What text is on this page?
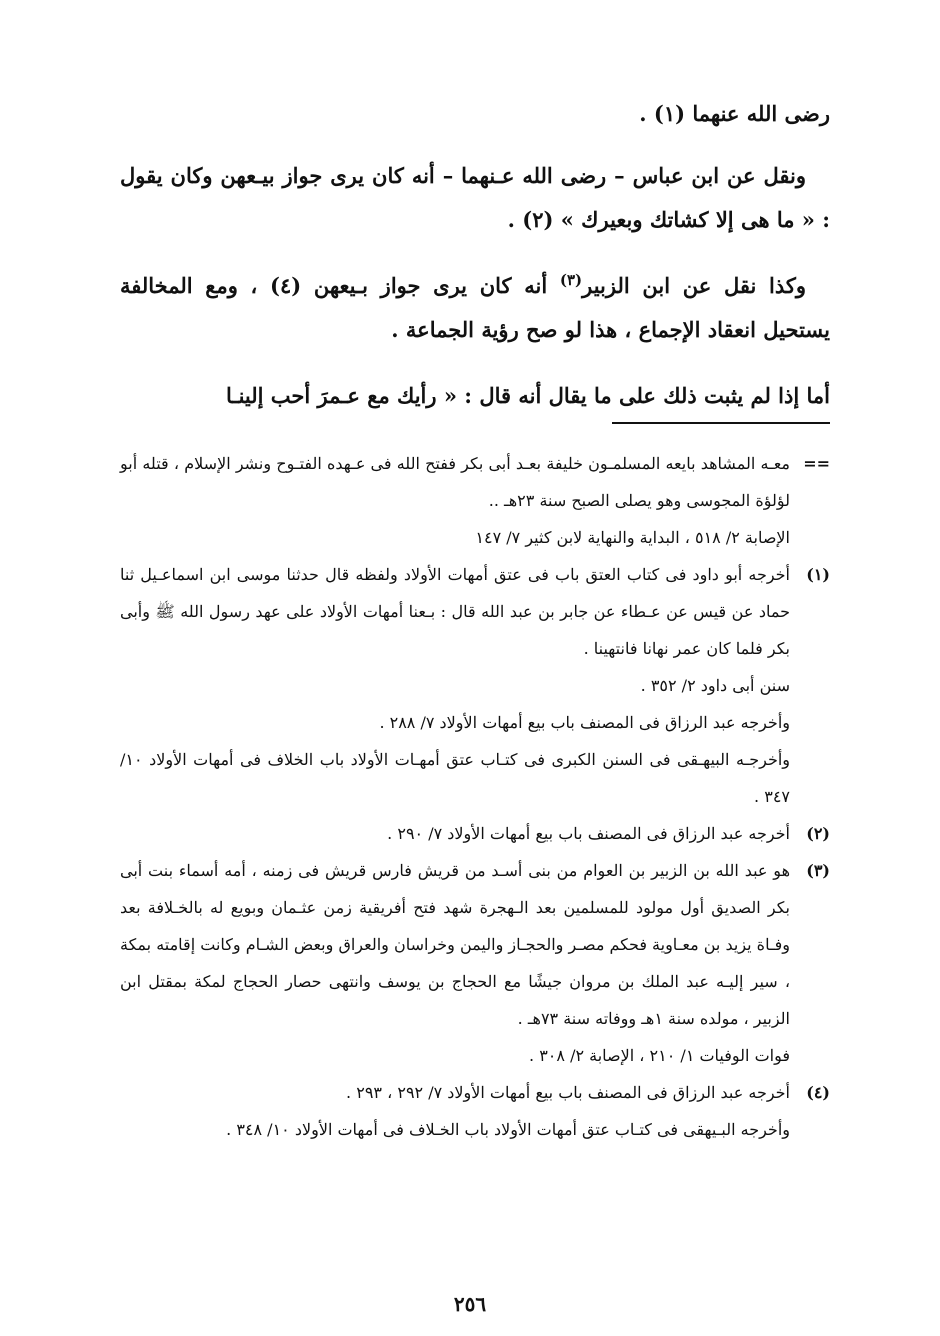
رضى الله عنهما (١) .

ونقل عن ابن عباس – رضى الله عـنهما – أنه كان يرى جواز بيـعهن وكان يقول : « ما هى إلا كشاتك وبعيرك » (٢) .

وكذا نقل عن ابن الزبير$^{(٣)}$ أنه كان يرى جواز بـيعهن (٤) ، ومع المخالفة يستحيل انعقاد الإجماع ، هذا لو صح رؤية الجماعة .

أما إذا لم يثبت ذلك على ما يقال أنه قال : « رأيك مع عـمرَ أحب إلينـا

==

معـه المشاهد بايعه المسلمـون خليفة بعـد أبى بكر ففتح الله فى عـهده الفتـوح ونشر الإسلام ، قتله أبو لؤلؤة المجوسى وهو يصلى الصبح سنة ٢٣هـ ..

الإصابة ٢/ ٥١٨ ، البداية والنهاية لابن كثير ٧/ ١٤٧

(١)

أخرجه أبو داود فى كتاب العتق باب فى عتق أمهات الأولاد ولفظه قال حدثنا موسى ابن اسماعـيل ثنا حماد عن قيس عن عـطاء عن جابر بن عبد الله قال : بـعنا أمهات الأولاد على عهد رسول الله ﷺ وأبى بكر فلما كان عمر نهانا فانتهينا .

سنن أبى داود ٢/ ٣٥٢ .

وأخرجه عبد الرزاق فى المصنف باب بيع أمهات الأولاد ٧/ ٢٨٨ .

وأخرجـه البيهـقى فى السنن الكبرى فى كتـاب عتق أمهـات الأولاد باب الخلاف فى أمهات الأولاد ١٠/ ٣٤٧ .

(٢)

أخرجه عبد الرزاق فى المصنف باب بيع أمهات الأولاد ٧/ ٢٩٠ .

(٣)

هو عبد الله بن الزبير بن العوام من بنى أسـد من قريش فارس قريش فى زمنه ، أمه أسماء بنت أبى بكر الصديق أول مولود للمسلمين بعد الـهجرة شهد فتح أفريقية زمن عثـمان وبويع له بالخـلافة بعد وفـاة يزيد بن معـاوية فحكم مصـر والحجـاز واليمن وخراسان والعراق وبعض الشـام وكانت إقامته بمكة ، سير إليـه عبد الملك بن مروان جيشًا مع الحجاج بن يوسف وانتهى حصار الحجاج لمكة بمقتل ابن الزبير ، مولده سنة ١هـ ووفاته سنة ٧٣هـ .

فوات الوفيات ١/ ٢١٠ ، الإصابة ٢/ ٣٠٨ .

(٤)

أخرجه عبد الرزاق فى المصنف باب بيع أمهات الأولاد ٧/ ٢٩٢ ، ٢٩٣ .

وأخرجه البـيهقى فى كتـاب عتق أمهات الأولاد باب الخـلاف فى أمهات الأولاد ١٠/ ٣٤٨ .

٢٥٦
